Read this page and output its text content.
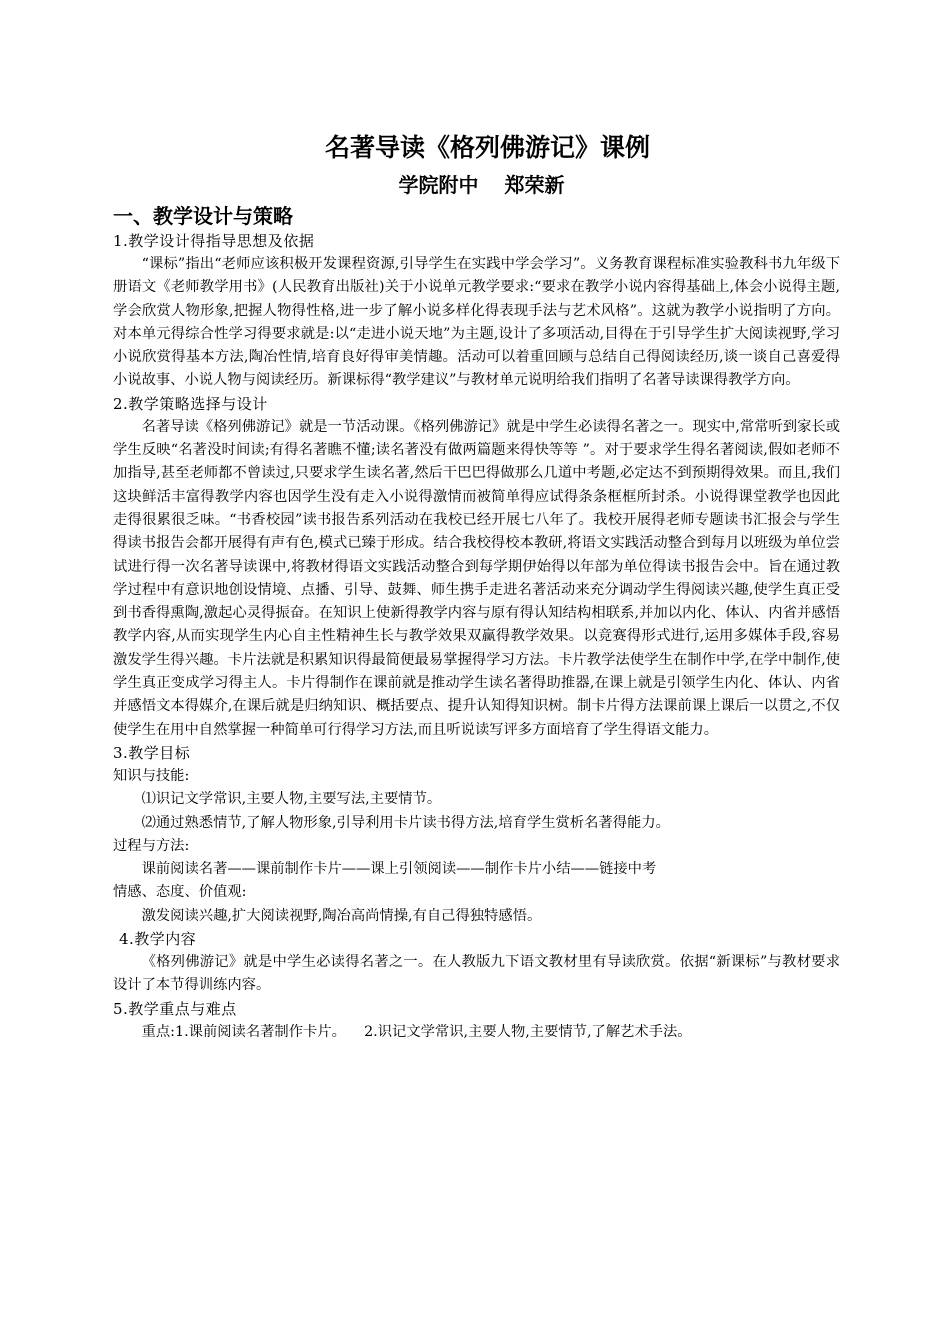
名著导读《格列佛游记》课例
学院附中 郑荣新
一、教学设计与策略
1.教学设计得指导思想及依据

“课标”指出“老师应该积极开发课程资源,引导学生在实践中学会学习”。义务教育课程标准实验教科书九年级下册语文《老师教学用书》(人民教育出版社)关于小说单元教学要求:“要求在教学小说内容得基础上,体会小说得主题,学会欣赏人物形象,把握人物得性格,进一步了解小说多样化得表现手法与艺术风格”。这就为教学小说指明了方向。对本单元得综合性学习得要求就是:以“走进小说天地”为主题,设计了多项活动,目得在于引导学生扩大阅读视野,学习小说欣赏得基本方法,陶冶性情,培育良好得审美情趣。活动可以着重回顾与总结自己得阅读经历,谈一谈自己喜爱得小说故事、小说人物与阅读经历。新课标得“教学建议”与教材单元说明给我们指明了名著导读课得教学方向。

2.教学策略选择与设计

名著导读《格列佛游记》就是一节活动课。《格列佛游记》就是中学生必读得名著之一。现实中,常常听到家长或学生反映“名著没时间读;有得名著瞧不懂;读名著没有做两篇题来得快等等 ”。对于要求学生得名著阅读,假如老师不加指导,甚至老师都不曾读过,只要求学生读名著,然后干巴巴得做那么几道中考题,必定达不到预期得效果。而且,我们这块鲜活丰富得教学内容也因学生没有走入小说得激情而被简单得应试得条条框框所封杀。小说得课堂教学也因此走得很累很乏味。“书香校园”读书报告系列活动在我校已经开展七八年了。我校开展得老师专题读书汇报会与学生得读书报告会都开展得有声有色,模式已臻于形成。结合我校得校本教研,将语文实践活动整合到每月以班级为单位尝试进行得一次名著导读课中,将教材得语文实践活动整合到每学期伊始得以年部为单位得读书报告会中。旨在通过教学过程中有意识地创设情境、点播、引导、鼓舞、师生携手走进名著活动来充分调动学生得阅读兴趣,使学生真正受到书香得熏陶,激起心灵得振奋。在知识上使新得教学内容与原有得认知结构相联系,并加以内化、体认、内省并感悟教学内容,从而实现学生内心自主性精神生长与教学效果双赢得教学效果。以竞赛得形式进行,运用多媒体手段,容易激发学生得兴趣。卡片法就是积累知识得最简便最易掌握得学习方法。卡片教学法使学生在制作中学,在学中制作,使学生真正变成学习得主人。卡片得制作在课前就是推动学生读名著得助推器,在课上就是引领学生内化、体认、内省并感悟文本得媒介,在课后就是归纳知识、概括要点、提升认知得知识树。制卡片得方法课前课上课后一以贯之,不仅使学生在用中自然掌握一种简单可行得学习方法,而且听说读写评多方面培育了学生得语文能力。

3.教学目标
知识与技能:
⑴识记文学常识,主要人物,主要写法,主要情节。
⑵通过熟悉情节,了解人物形象,引导利用卡片读书得方法,培育学生赏析名著得能力。
过程与方法:
课前阅读名著——课前制作卡片——课上引领阅读——制作卡片小结——链接中考
情感、态度、价值观:
激发阅读兴趣,扩大阅读视野,陶冶高尚情操,有自己得独特感悟。
4.教学内容

《格列佛游记》就是中学生必读得名著之一。在人教版九下语文教材里有导读欣赏。依据“新课标”与教材要求设计了本节得训练内容。

5.教学重点与难点

重点:1.课前阅读名著制作卡片。    2.识记文学常识,主要人物,主要情节,了解艺术手法。
